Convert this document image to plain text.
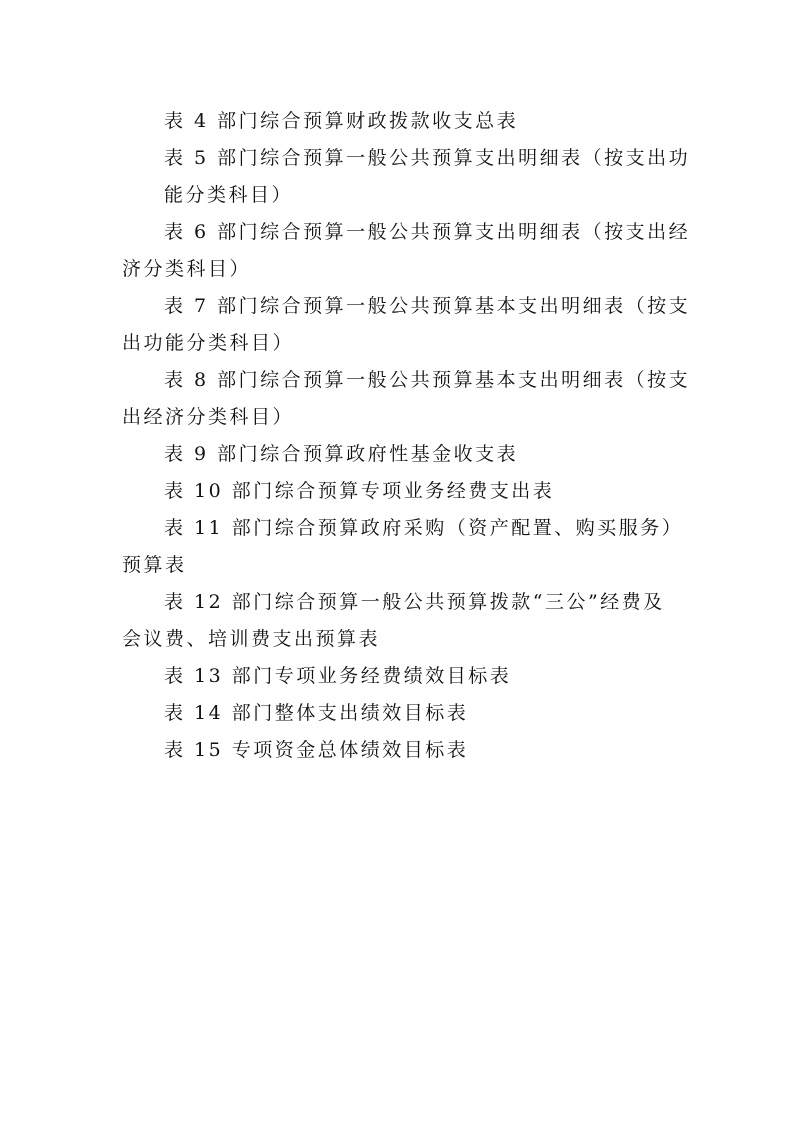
表 4 部门综合预算财政拨款收支总表
表 5 部门综合预算一般公共预算支出明细表（按支出功
能分类科目）
表 6 部门综合预算一般公共预算支出明细表（按支出经
济分类科目）
表 7 部门综合预算一般公共预算基本支出明细表（按支
出功能分类科目）
表 8 部门综合预算一般公共预算基本支出明细表（按支
出经济分类科目）
表 9 部门综合预算政府性基金收支表
表 10 部门综合预算专项业务经费支出表
表 11 部门综合预算政府采购（资产配置、购买服务）
预算表
表 12 部门综合预算一般公共预算拨款“三公”经费及
会议费、培训费支出预算表
表 13 部门专项业务经费绩效目标表
表 14 部门整体支出绩效目标表
表 15 专项资金总体绩效目标表
